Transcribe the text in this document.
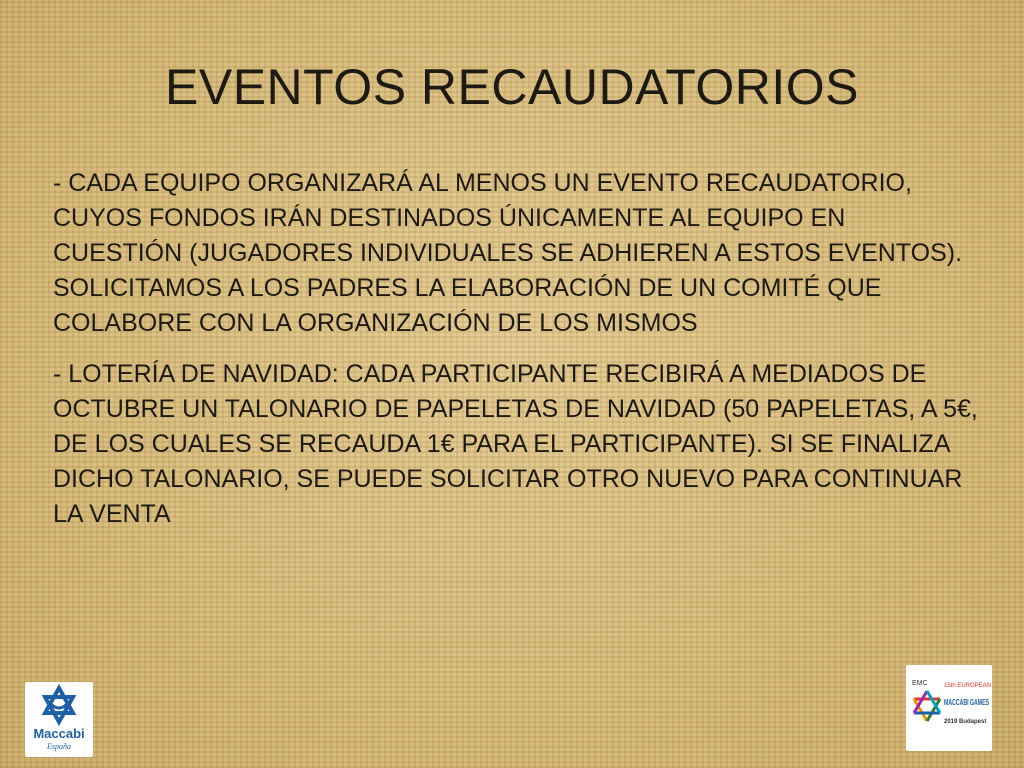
EVENTOS RECAUDATORIOS

- CADA EQUIPO ORGANIZARÁ AL MENOS UN EVENTO RECAUDATORIO, CUYOS FONDOS IRÁN DESTINADOS ÚNICAMENTE AL EQUIPO EN CUESTIÓN (JUGADORES INDIVIDUALES SE ADHIEREN A ESTOS EVENTOS). SOLICITAMOS A LOS PADRES LA ELABORACIÓN DE UN COMITÉ QUE COLABORE CON LA ORGANIZACIÓN DE LOS MISMOS

- LOTERÍA DE NAVIDAD: CADA PARTICIPANTE RECIBIRÁ A MEDIADOS DE OCTUBRE UN TALONARIO DE PAPELETAS DE NAVIDAD (50 PAPELETAS, A 5€, DE LOS CUALES SE RECAUDA 1€ PARA EL PARTICIPANTE). SI SE FINALIZA DICHO TALONARIO, SE PUEDE SOLICITAR OTRO NUEVO PARA CONTINUAR LA VENTA

Maccabi
España
EMC	15th EUROPEAN
MACCABI GAMES
2019 Budapest
